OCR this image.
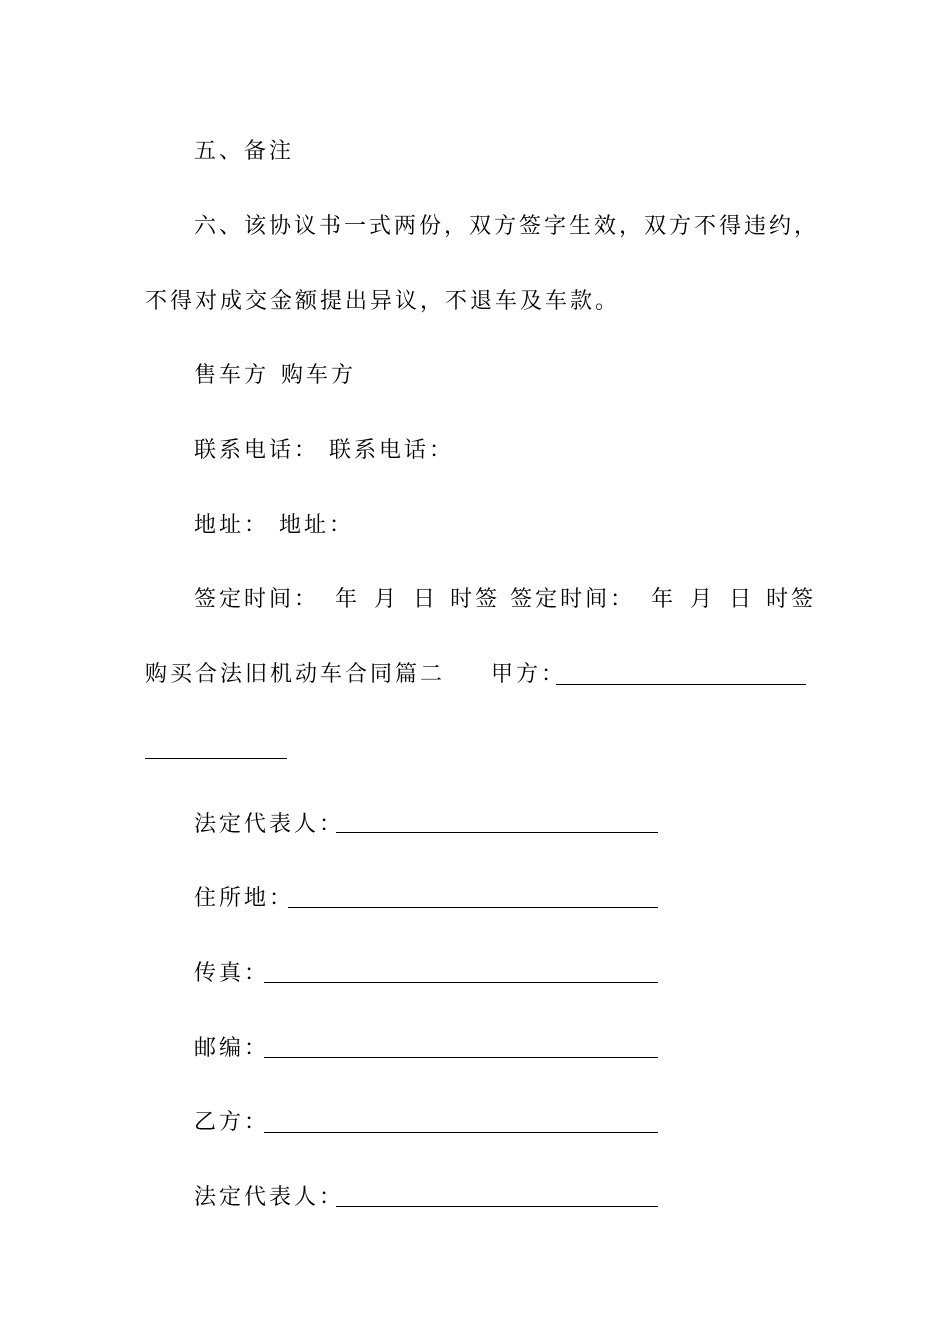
五、备注
六、该协议书一式两份，双方签字生效，双方不得违约，
不得对成交金额提出异议，不退车及车款。
售车方 购车方
联系电话： 联系电话：
地址： 地址：
签定时间： 年 月 日 时签 签定时间： 年 月 日 时签
购买合法旧机动车合同篇二 甲方：
法定代表人：
住所地：
传真：
邮编：
乙方：
法定代表人：
